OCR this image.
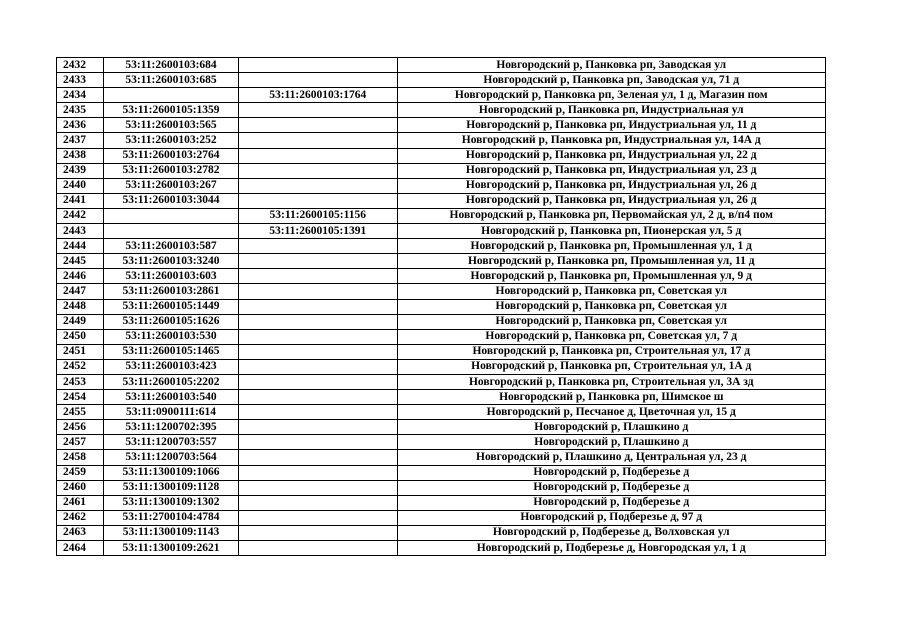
2432	53:11:2600103:684		Новгородский р, Панковка рп, Заводская ул
2433	53:11:2600103:685		Новгородский р, Панковка рп, Заводская ул, 71 д
2434		53:11:2600103:1764	Новгородский р, Панковка рп, Зеленая ул, 1 д, Магазин пом
2435	53:11:2600105:1359		Новгородский р, Панковка рп, Индустриальная ул
2436	53:11:2600103:565		Новгородский р, Панковка рп, Индустриальная ул, 11 д
2437	53:11:2600103:252		Новгородский р, Панковка рп, Индустриальная ул, 14А д
2438	53:11:2600103:2764		Новгородский р, Панковка рп, Индустриальная ул, 22 д
2439	53:11:2600103:2782		Новгородский р, Панковка рп, Индустриальная ул, 23 д
2440	53:11:2600103:267		Новгородский р, Панковка рп, Индустриальная ул, 26 д
2441	53:11:2600103:3044		Новгородский р, Панковка рп, Индустриальная ул, 26 д
2442		53:11:2600105:1156	Новгородский р, Панковка рп, Первомайская ул, 2 д, в/п4 пом
2443		53:11:2600105:1391	Новгородский р, Панковка рп, Пионерская ул, 5 д
2444	53:11:2600103:587		Новгородский р, Панковка рп, Промышленная ул, 1 д
2445	53:11:2600103:3240		Новгородский р, Панковка рп, Промышленная ул, 11 д
2446	53:11:2600103:603		Новгородский р, Панковка рп, Промышленная ул, 9 д
2447	53:11:2600103:2861		Новгородский р, Панковка рп, Советская ул
2448	53:11:2600105:1449		Новгородский р, Панковка рп, Советская ул
2449	53:11:2600105:1626		Новгородский р, Панковка рп, Советская ул
2450	53:11:2600103:530		Новгородский р, Панковка рп, Советская ул, 7 д
2451	53:11:2600105:1465		Новгородский р, Панковка рп, Строительная ул, 17 д
2452	53:11:2600103:423		Новгородский р, Панковка рп, Строительная ул, 1А д
2453	53:11:2600105:2202		Новгородский р, Панковка рп, Строительная ул, 3А зд
2454	53:11:2600103:540		Новгородский р, Панковка рп, Шимское ш
2455	53:11:0900111:614		Новгородский р, Песчаное д, Цветочная ул, 15 д
2456	53:11:1200702:395		Новгородский р, Плашкино д
2457	53:11:1200703:557		Новгородский р, Плашкино д
2458	53:11:1200703:564		Новгородский р, Плашкино д, Центральная ул, 23 д
2459	53:11:1300109:1066		Новгородский р, Подберезье д
2460	53:11:1300109:1128		Новгородский р, Подберезье д
2461	53:11:1300109:1302		Новгородский р, Подберезье д
2462	53:11:2700104:4784		Новгородский р, Подберезье д, 97 д
2463	53:11:1300109:1143		Новгородский р, Подберезье д, Волховская ул
2464	53:11:1300109:2621		Новгородский р, Подберезье д, Новгородская ул, 1 д
